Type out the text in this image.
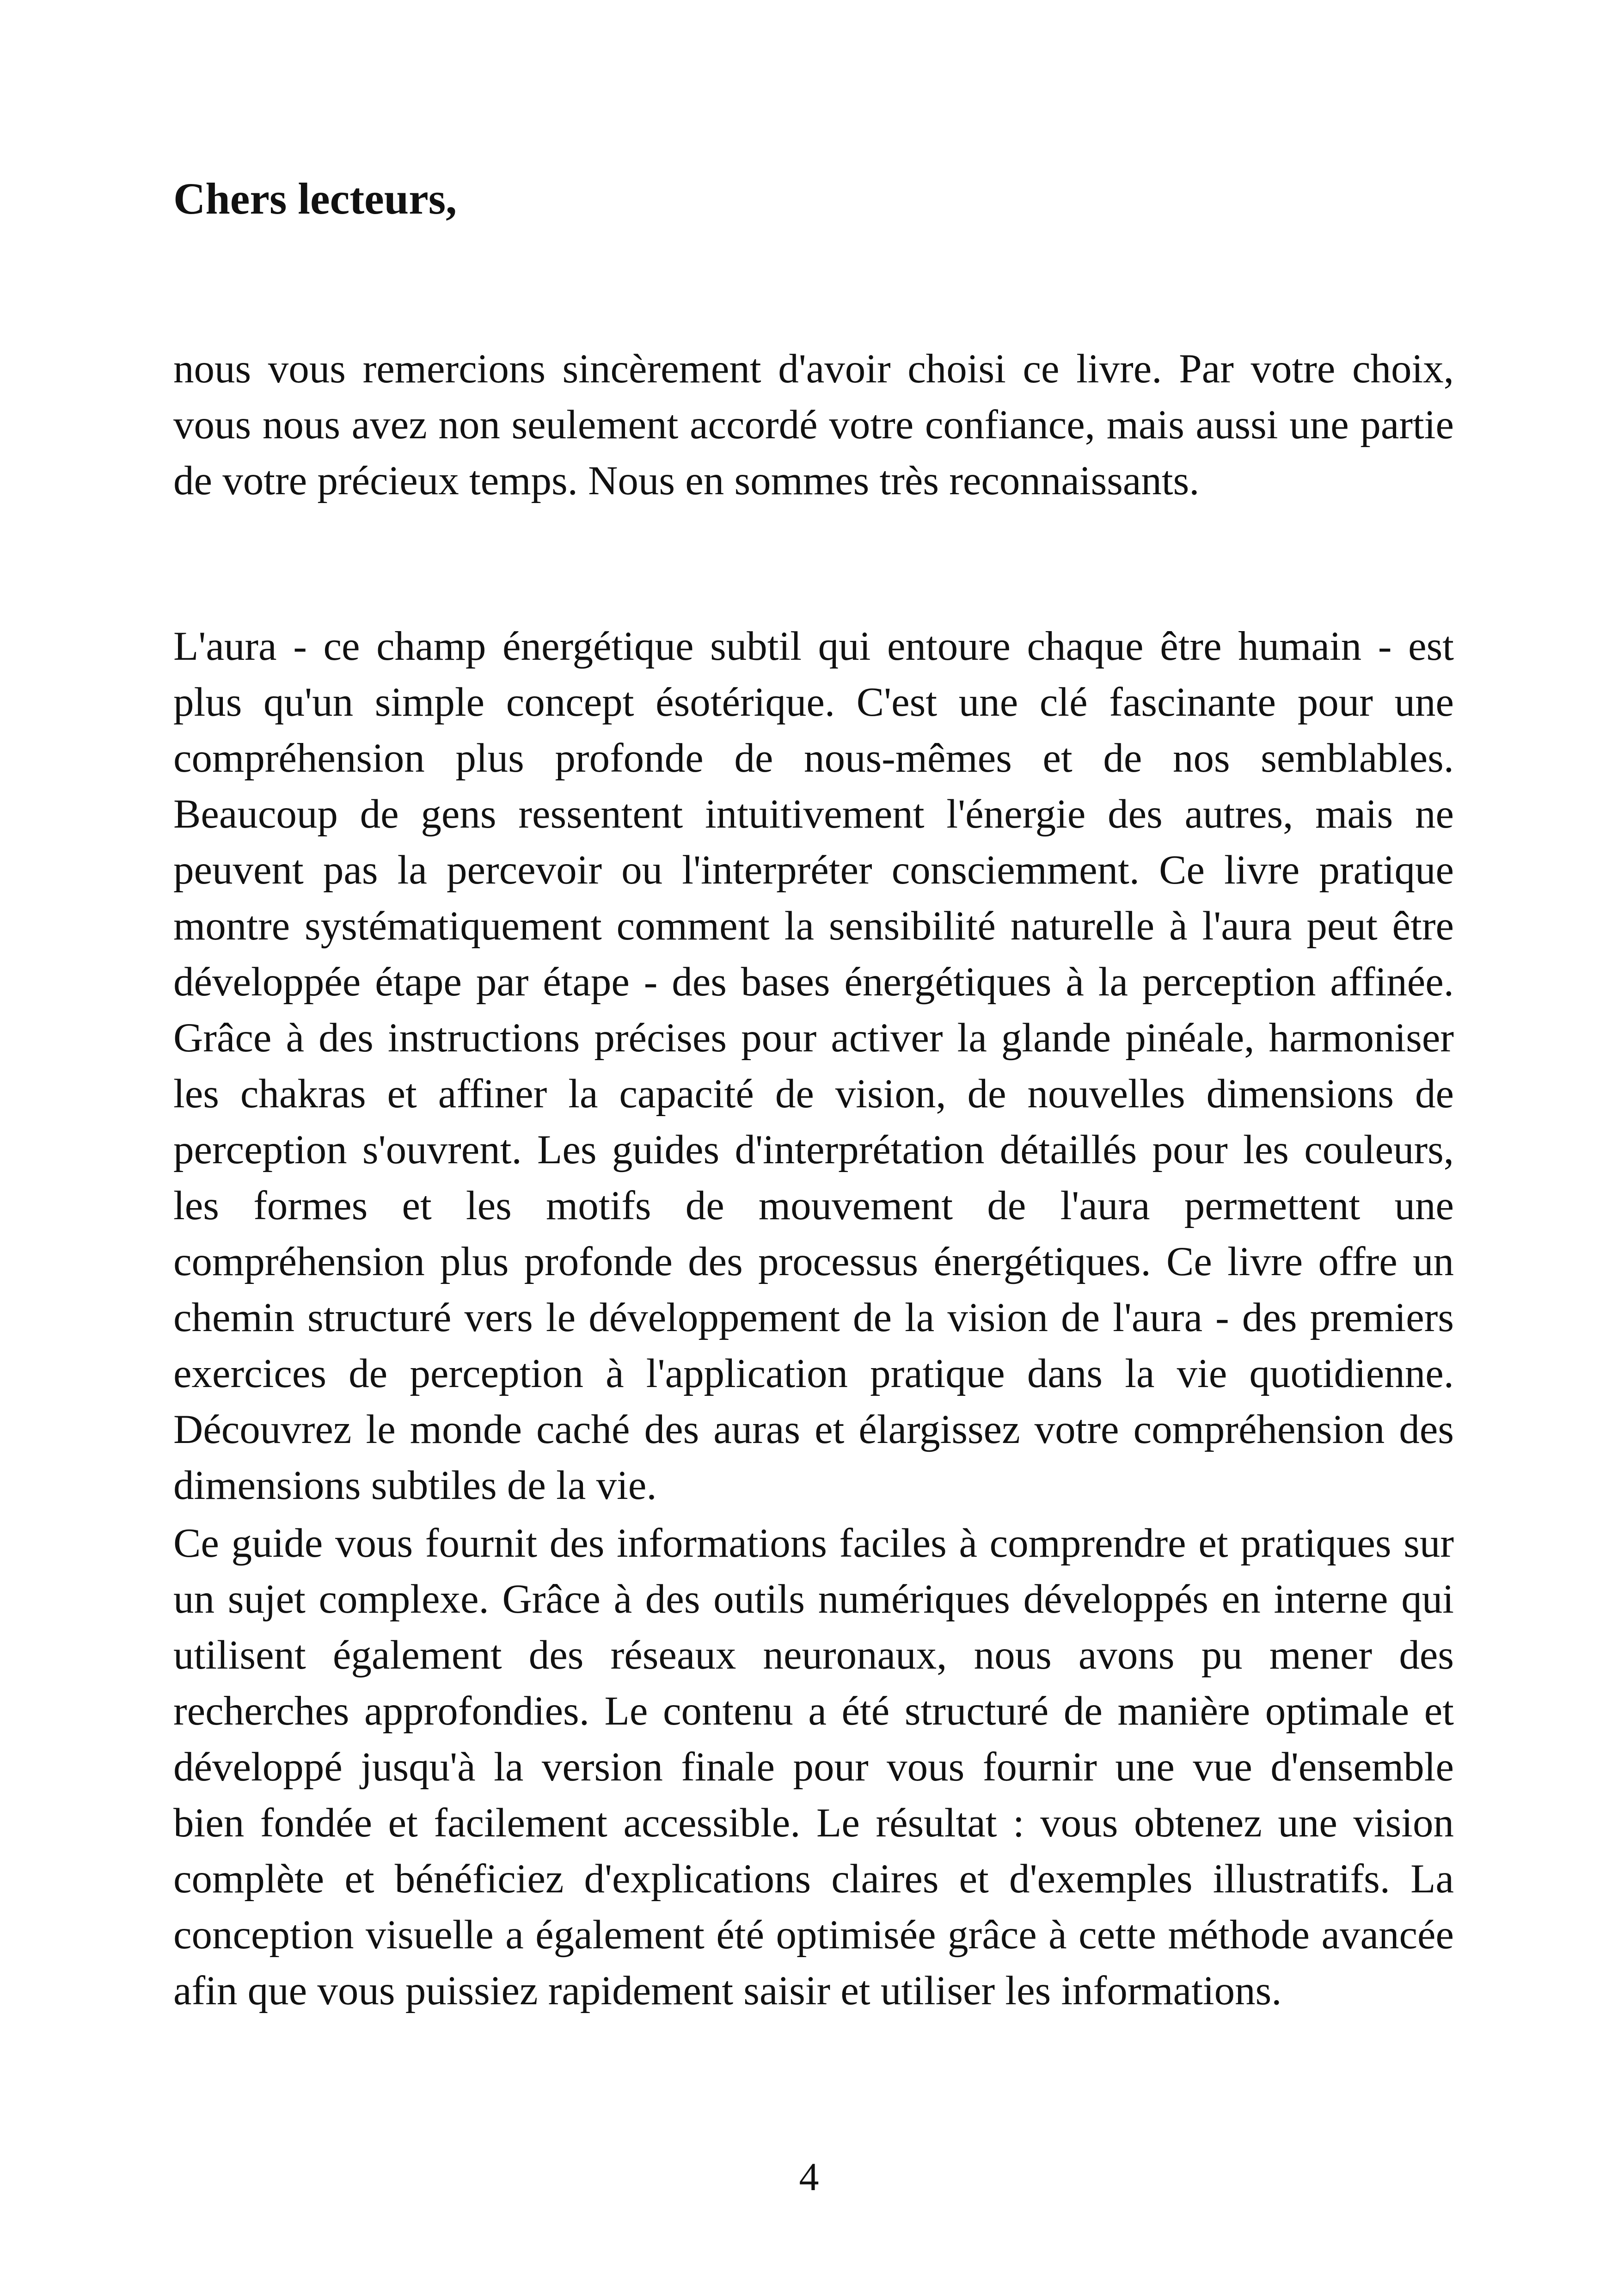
Chers lecteurs,

nous vous remercions sincèrement d'avoir choisi ce livre. Par votre choix, vous nous avez non seulement accordé votre confiance, mais aussi une partie de votre précieux temps. Nous en sommes très reconnaissants.

L'aura - ce champ énergétique subtil qui entoure chaque être humain - est plus qu'un simple concept ésotérique. C'est une clé fascinante pour une compréhension plus profonde de nous-mêmes et de nos semblables. Beaucoup de gens ressentent intuitivement l'énergie des autres, mais ne peuvent pas la percevoir ou l'interpréter consciemment. Ce livre pratique montre systématiquement comment la sensibilité naturelle à l'aura peut être développée étape par étape - des bases énergétiques à la perception affinée. Grâce à des instructions précises pour activer la glande pinéale, harmoniser les chakras et affiner la capacité de vision, de nouvelles dimensions de perception s'ouvrent. Les guides d'interprétation détaillés pour les couleurs, les formes et les motifs de mouvement de l'aura permettent une compréhension plus profonde des processus énergétiques. Ce livre offre un chemin structuré vers le développement de la vision de l'aura - des premiers exercices de perception à l'application pratique dans la vie quotidienne. Découvrez le monde caché des auras et élargissez votre compréhension des dimensions subtiles de la vie.

Ce guide vous fournit des informations faciles à comprendre et pratiques sur un sujet complexe. Grâce à des outils numériques développés en interne qui utilisent également des réseaux neuronaux, nous avons pu mener des recherches approfondies. Le contenu a été structuré de manière optimale et développé jusqu'à la version finale pour vous fournir une vue d'ensemble bien fondée et facilement accessible. Le résultat : vous obtenez une vision complète et bénéficiez d'explications claires et d'exemples illustratifs. La conception visuelle a également été optimisée grâce à cette méthode avancée afin que vous puissiez rapidement saisir et utiliser les informations.

4
